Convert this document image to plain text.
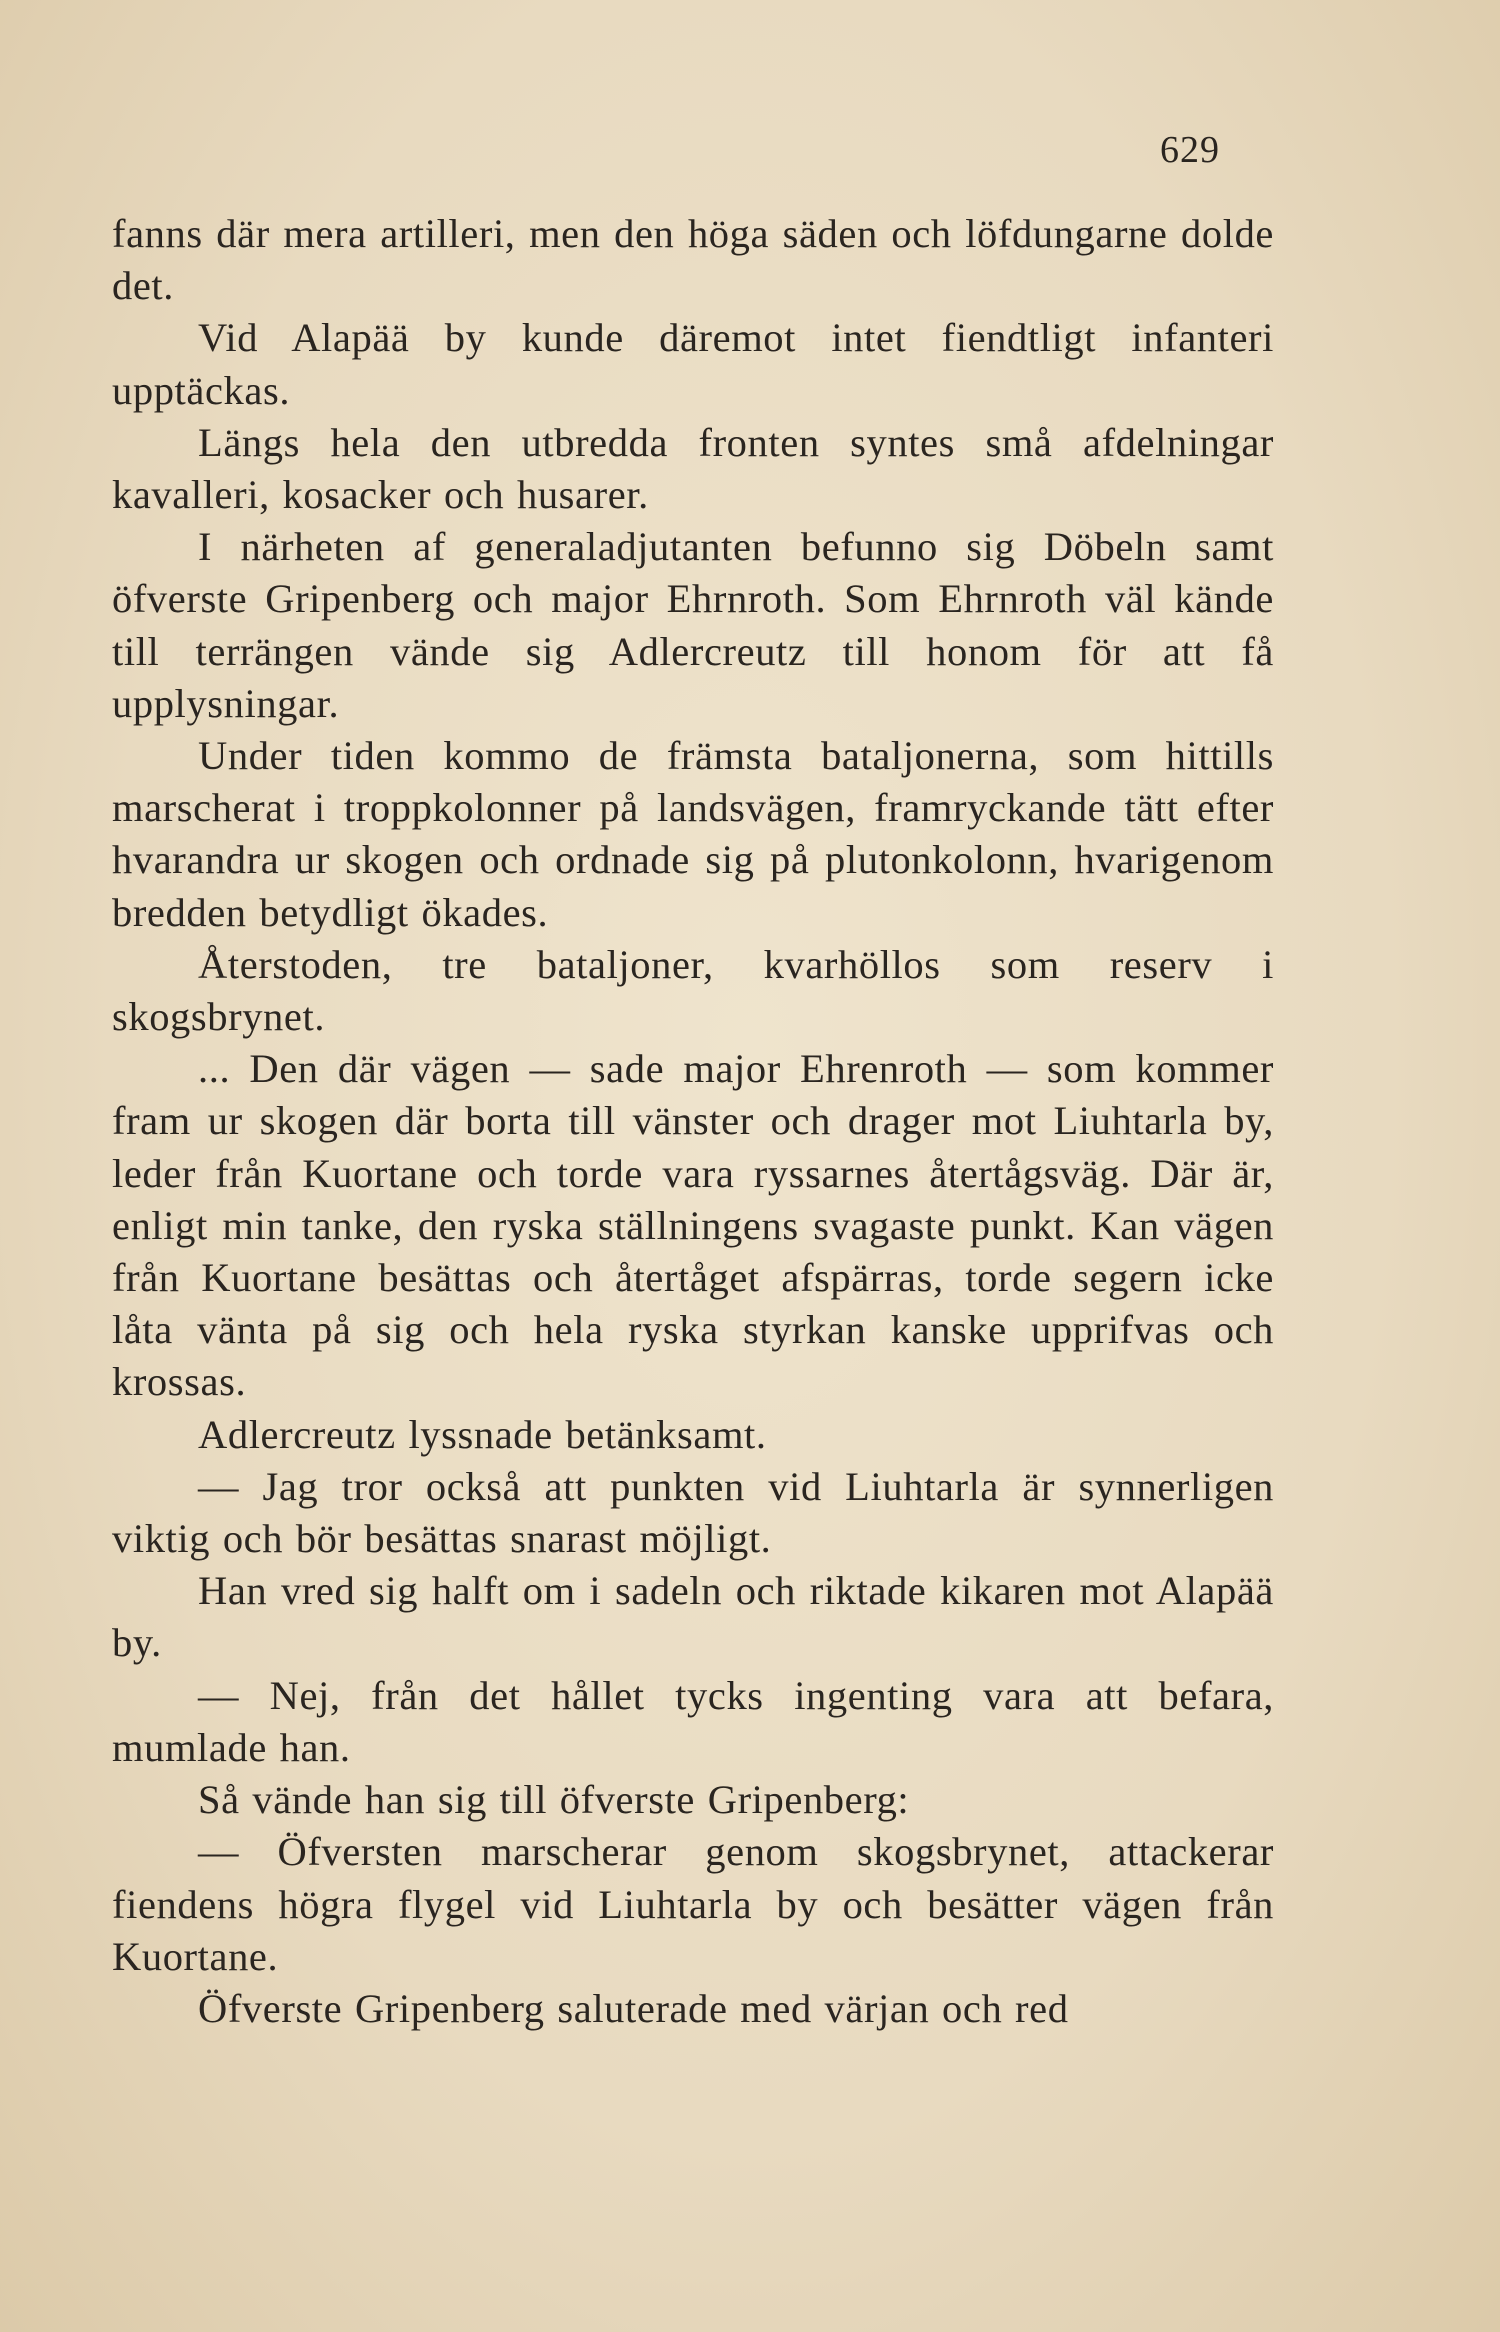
629

fanns där mera artilleri, men den höga säden och löfdungarne dolde det.

Vid Alapää by kunde däremot intet fiendtligt infanteri upptäckas.

Längs hela den utbredda fronten syntes små afdelningar kavalleri, kosacker och husarer.

I närheten af generaladjutanten befunno sig Döbeln samt öfverste Gripenberg och major Ehrnroth. Som Ehrnroth väl kände till terrängen vände sig Adlercreutz till honom för att få upplysningar.

Under tiden kommo de främsta bataljonerna, som hittills marscherat i troppkolonner på landsvägen, framryckande tätt efter hvarandra ur skogen och ordnade sig på plutonkolonn, hvarigenom bredden betydligt ökades.

Återstoden, tre bataljoner, kvarhöllos som reserv i skogsbrynet.

... Den där vägen — sade major Ehrenroth — som kommer fram ur skogen där borta till vänster och drager mot Liuhtarla by, leder från Kuortane och torde vara ryssarnes återtågsväg. Där är, enligt min tanke, den ryska ställningens svagaste punkt. Kan vägen från Kuortane besättas och återtåget afspärras, torde segern icke låta vänta på sig och hela ryska styrkan kanske upprifvas och krossas.

Adlercreutz lyssnade betänksamt.

— Jag tror också att punkten vid Liuhtarla är synnerligen viktig och bör besättas snarast möjligt.

Han vred sig halft om i sadeln och riktade kikaren mot Alapää by.

— Nej, från det hållet tycks ingenting vara att befara, mumlade han.

Så vände han sig till öfverste Gripenberg:

— Öfversten marscherar genom skogsbrynet, attackerar fiendens högra flygel vid Liuhtarla by och besätter vägen från Kuortane.

Öfverste Gripenberg saluterade med värjan och red
